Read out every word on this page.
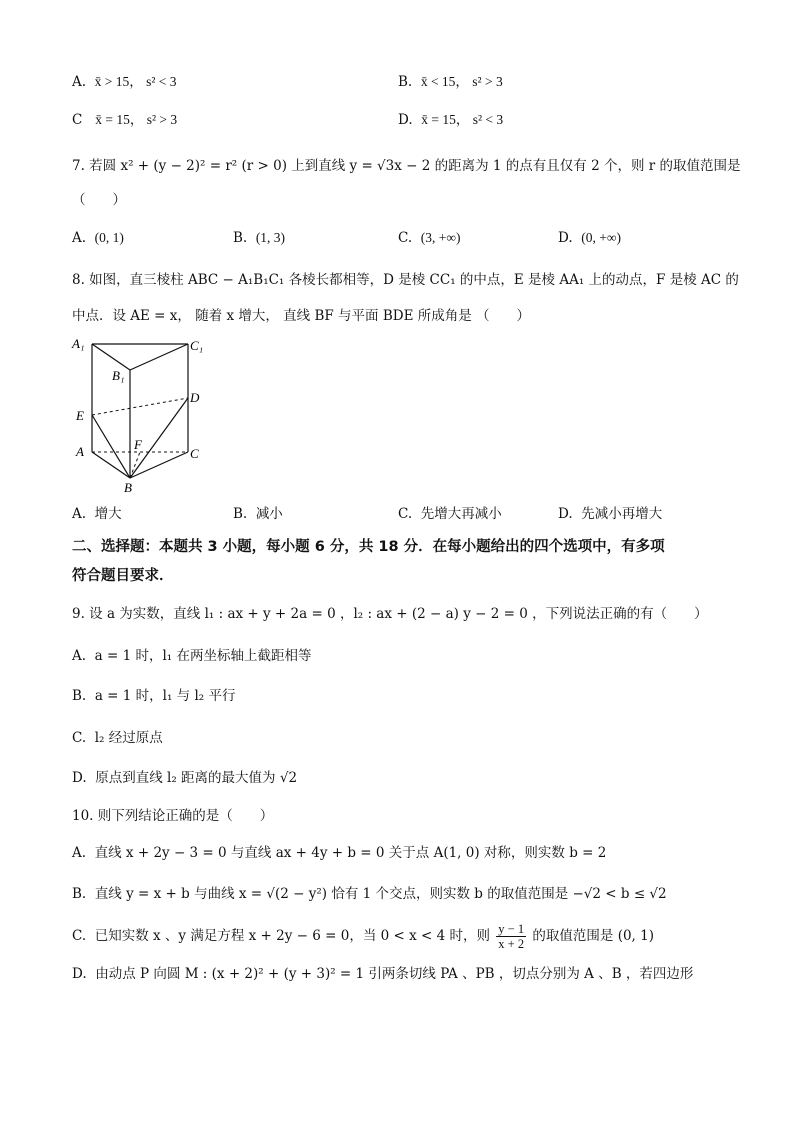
A. x̄ > 15， s² < 3	B. x̄ < 15， s² > 3
C x̄ = 15， s² > 3	D. x̄ = 15， s² < 3
7. 若圆 x² + (y − 2)² = r² (r > 0) 上到直线 y = √3x − 2 的距离为 1 的点有且仅有 2 个，则 r 的取值范围是
（　　）
A. (0, 1)	B. (1, 3)	C. (3, +∞)	D. (0, +∞)
8. 如图，直三棱柱 ABC − A₁B₁C₁ 各棱长都相等，D 是棱 CC₁ 的中点，E 是棱 AA₁ 上的动点，F 是棱 AC 的
中点．设 AE = x， 随着 x 增大， 直线 BF 与平面 BDE 所成角是 （　　）
A₁	C₁
B₁
D
E
F
A	C
B
A. 增大	B. 减小	C. 先增大再减小	D. 先减小再增大
二、选择题：本题共 3 小题，每小题 6 分，共 18 分．在每小题给出的四个选项中，有多项
符合题目要求．
9. 设 a 为实数，直线 l₁ : ax + y + 2a = 0 ，l₂ : ax + (2 − a) y − 2 = 0 ，下列说法正确的有（　　）
A. a = 1 时，l₁ 在两坐标轴上截距相等
B. a = 1 时，l₁ 与 l₂ 平行
C. l₂ 经过原点
D. 原点到直线 l₂ 距离的最大值为 √2
10. 则下列结论正确的是（　　）
A. 直线 x + 2y − 3 = 0 与直线 ax + 4y + b = 0 关于点 A(1, 0) 对称，则实数 b = 2
B. 直线 y = x + b 与曲线 x = √(2 − y²) 恰有 1 个交点，则实数 b 的取值范围是 −√2 < b ≤ √2
C. 已知实数 x 、y 满足方程 x + 2y − 6 = 0，当 0 < x < 4 时，则 $\frac{y - 1}{x + 2}$ 的取值范围是 (0, 1)
D. 由动点 P 向圆 M : (x + 2)² + (y + 3)² = 1 引两条切线 PA 、PB ，切点分别为 A 、B ，若四边形
